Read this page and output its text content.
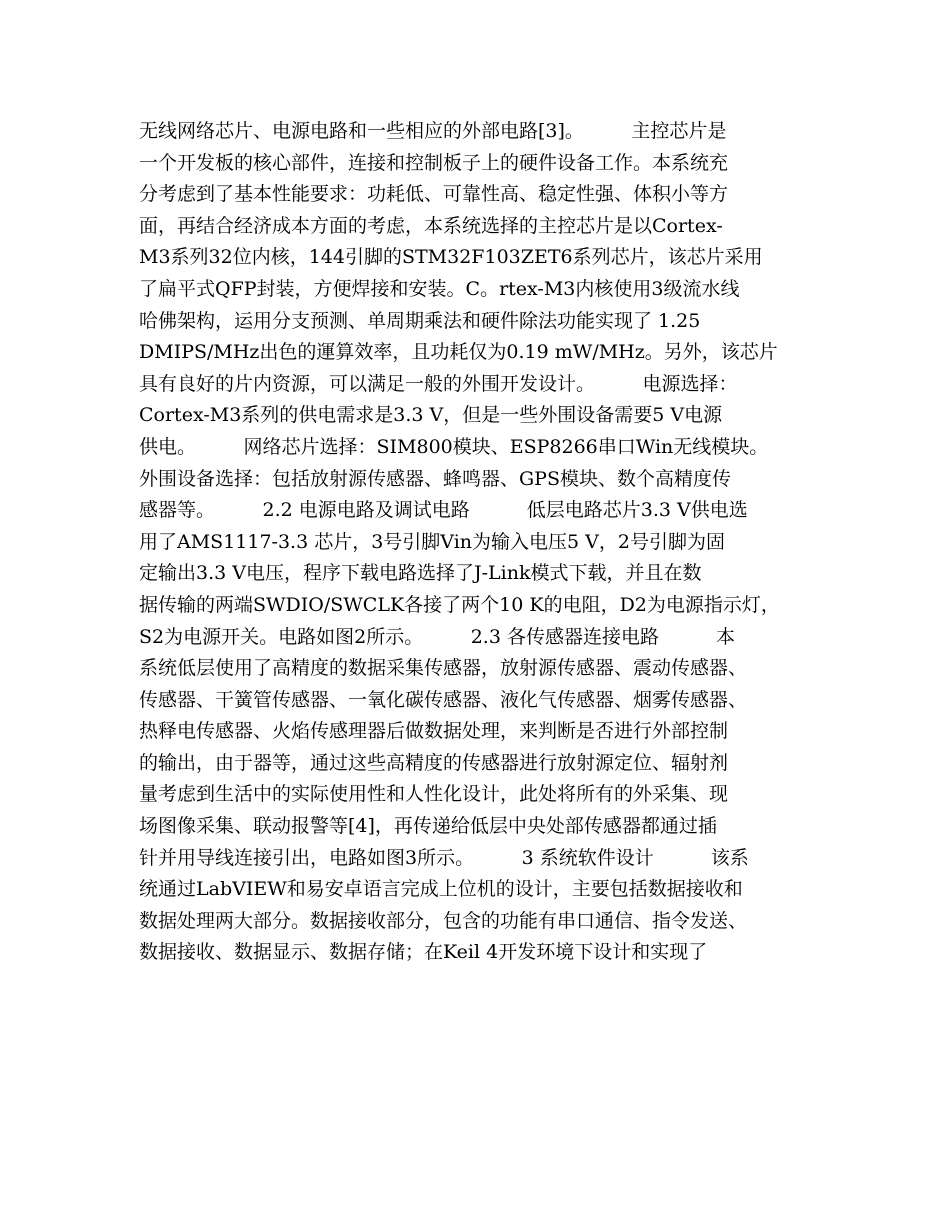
无线网络芯片、电源电路和一些相应的外部电路[3]。　　　主控芯片是
一个开发板的核心部件，连接和控制板子上的硬件设备工作。本系统充
分考虑到了基本性能要求：功耗低、可靠性高、稳定性强、体积小等方
面，再结合经济成本方面的考虑，本系统选择的主控芯片是以Cortex-
M3系列32位内核，144引脚的STM32F103ZET6系列芯片，该芯片采用
了扁平式QFP封装，方便焊接和安装。C。rtex-M3内核使用3级流水线
哈佛架构，运用分支预测、单周期乘法和硬件除法功能实现了 1.25
DMIPS/MHz出色的運算效率，且功耗仅为0.19 mW/MHz。另外，该芯片
具有良好的片内资源，可以满足一般的外围开发设计。　　　电源选择：
Cortex-M3系列的供电需求是3.3 V，但是一些外围设备需要5 V电源
供电。　　　网络芯片选择：SIM800模块、ESP8266串口Win无线模块。
外围设备选择：包括放射源传感器、蜂鸣器、GPS模块、数个高精度传
感器等。　　　2.2 电源电路及调试电路　　　低层电路芯片3.3 V供电选
用了AMS1117-3.3 芯片，3号引脚Vin为输入电压5 V，2号引脚为固
定输出3.3 V电压，程序下载电路选择了J-Link模式下载，并且在数
据传输的两端SWDIO/SWCLK各接了两个10 K的电阻，D2为电源指示灯，
S2为电源开关。电路如图2所示。　　　2.3 各传感器连接电路　　　本
系统低层使用了高精度的数据采集传感器，放射源传感器、震动传感器、
传感器、干簧管传感器、一氧化碳传感器、液化气传感器、烟雾传感器、
热释电传感器、火焰传感理器后做数据处理，来判断是否进行外部控制
的输出，由于器等，通过这些高精度的传感器进行放射源定位、辐射剂
量考虑到生活中的实际使用性和人性化设计，此处将所有的外采集、现
场图像采集、联动报警等[4]，再传递给低层中央处部传感器都通过插
针并用导线连接引出，电路如图3所示。　　　3 系统软件设计　　　该系
统通过LabVIEW和易安卓语言完成上位机的设计，主要包括数据接收和
数据处理两大部分。数据接收部分，包含的功能有串口通信、指令发送、
数据接收、数据显示、数据存储；在Keil 4开发环境下设计和实现了
